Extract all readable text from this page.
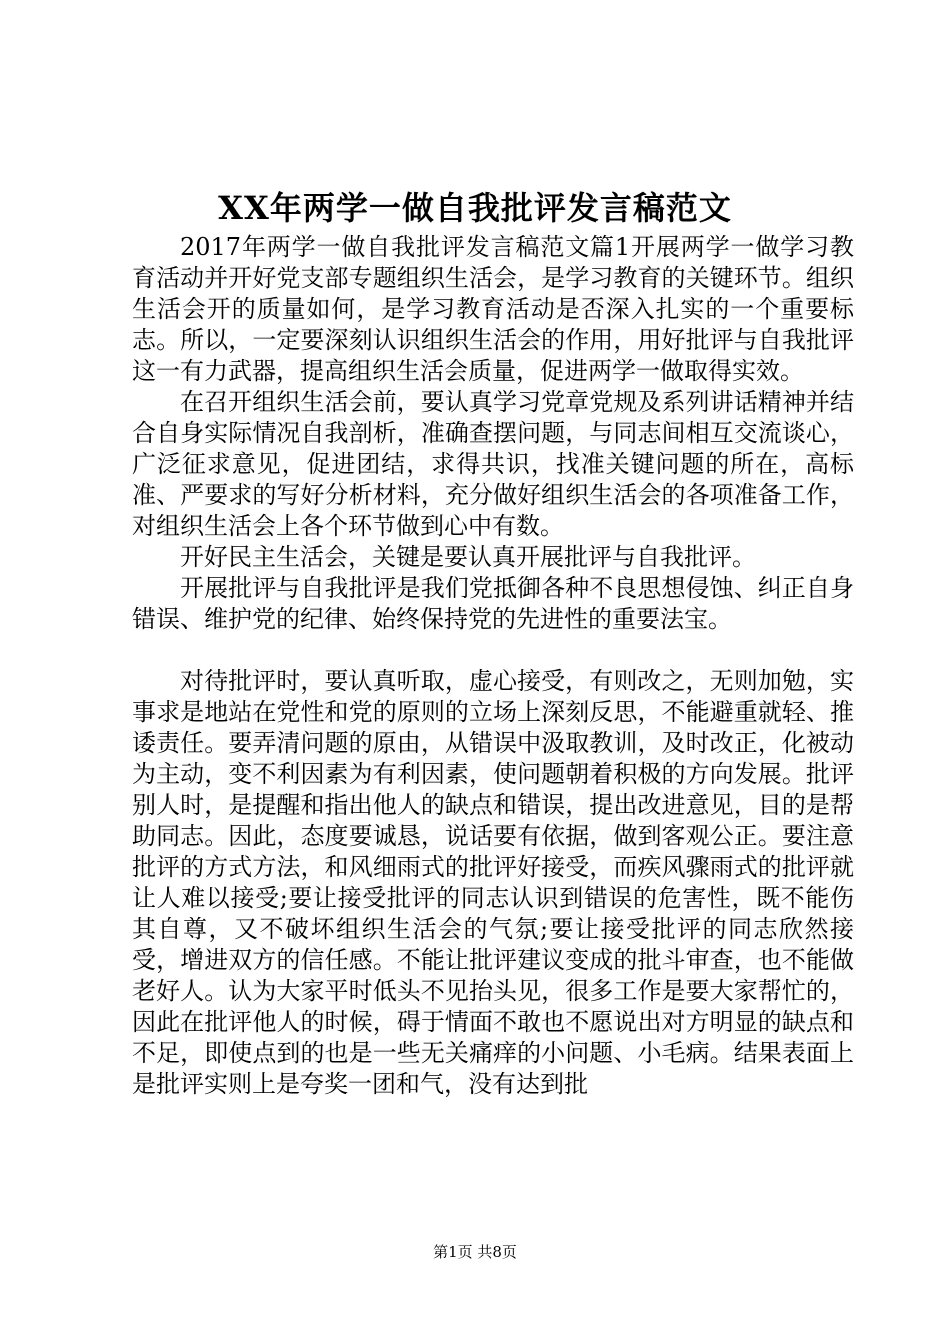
XX年两学一做自我批评发言稿范文

2017年两学一做自我批评发言稿范文篇1开展两学一做学习教育活动并开好党支部专题组织生活会，是学习教育的关键环节。组织生活会开的质量如何，是学习教育活动是否深入扎实的一个重要标志。所以，一定要深刻认识组织生活会的作用，用好批评与自我批评这一有力武器，提高组织生活会质量，促进两学一做取得实效。

在召开组织生活会前，要认真学习党章党规及系列讲话精神并结合自身实际情况自我剖析，准确查摆问题，与同志间相互交流谈心，广泛征求意见，促进团结，求得共识，找准关键问题的所在，高标准、严要求的写好分析材料，充分做好组织生活会的各项准备工作，对组织生活会上各个环节做到心中有数。

开好民主生活会，关键是要认真开展批评与自我批评。

开展批评与自我批评是我们党抵御各种不良思想侵蚀、纠正自身错误、维护党的纪律、始终保持党的先进性的重要法宝。

对待批评时，要认真听取，虚心接受，有则改之，无则加勉，实事求是地站在党性和党的原则的立场上深刻反思，不能避重就轻、推诿责任。要弄清问题的原由，从错误中汲取教训，及时改正，化被动为主动，变不利因素为有利因素，使问题朝着积极的方向发展。批评别人时，是提醒和指出他人的缺点和错误，提出改进意见，目的是帮助同志。因此，态度要诚恳，说话要有依据，做到客观公正。要注意批评的方式方法，和风细雨式的批评好接受，而疾风骤雨式的批评就让人难以接受;要让接受批评的同志认识到错误的危害性，既不能伤其自尊，又不破坏组织生活会的气氛;要让接受批评的同志欣然接受，增进双方的信任感。不能让批评建议变成的批斗审查，也不能做老好人。认为大家平时低头不见抬头见，很多工作是要大家帮忙的，因此在批评他人的时候，碍于情面不敢也不愿说出对方明显的缺点和不足，即使点到的也是一些无关痛痒的小问题、小毛病。结果表面上是批评实则上是夸奖一团和气，没有达到批

第1页 共8页
